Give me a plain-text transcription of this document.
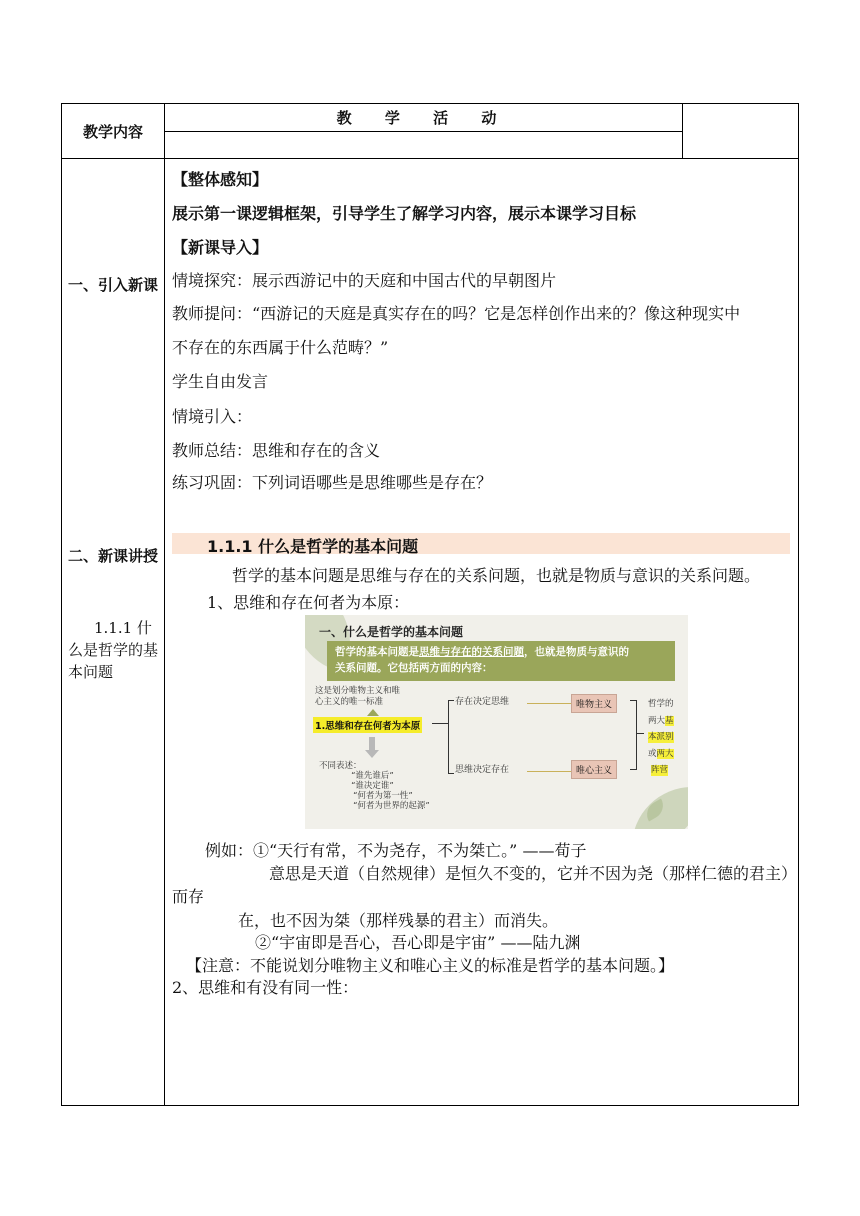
教学内容
教 学 活 动
一、引入新课
二、新课讲授
1.1.1 什么是哲学的基本问题
【整体感知】
展示第一课逻辑框架，引导学生了解学习内容，展示本课学习目标
【新课导入】
情境探究：展示西游记中的天庭和中国古代的早朝图片
教师提问：“西游记的天庭是真实存在的吗？它是怎样创作出来的？像这种现实中
不存在的东西属于什么范畴？”
学生自由发言
情境引入：
教师总结：思维和存在的含义
练习巩固：下列词语哪些是思维哪些是存在？
1.1.1 什么是哲学的基本问题
哲学的基本问题是思维与存在的关系问题，也就是物质与意识的关系问题。
1、思维和存在何者为本原：
一、什么是哲学的基本问题
哲学的基本问题是思维与存在的关系问题，也就是物质与意识的
关系问题。它包括两方面的内容：
这是划分唯物主义和唯
心主义的唯一标准
1.思维和存在何者为本原
不同表述：
“谁先谁后”
“谁决定谁”
“何者为第一性”
“何者为世界的起源”
存在决定思维
思维决定存在
唯物主义
唯心主义
哲学的
两大基
本派别
或两大
阵营
例如：①“天行有常，不为尧存，不为桀亡。” ——荀子
意思是天道（自然规律）是恒久不变的，它并不因为尧（那样仁德的君主）
而存
在，也不因为桀（那样残暴的君主）而消失。
②“宇宙即是吾心，吾心即是宇宙” ——陆九渊
【注意：不能说划分唯物主义和唯心主义的标准是哲学的基本问题。】
2、思维和有没有同一性：
